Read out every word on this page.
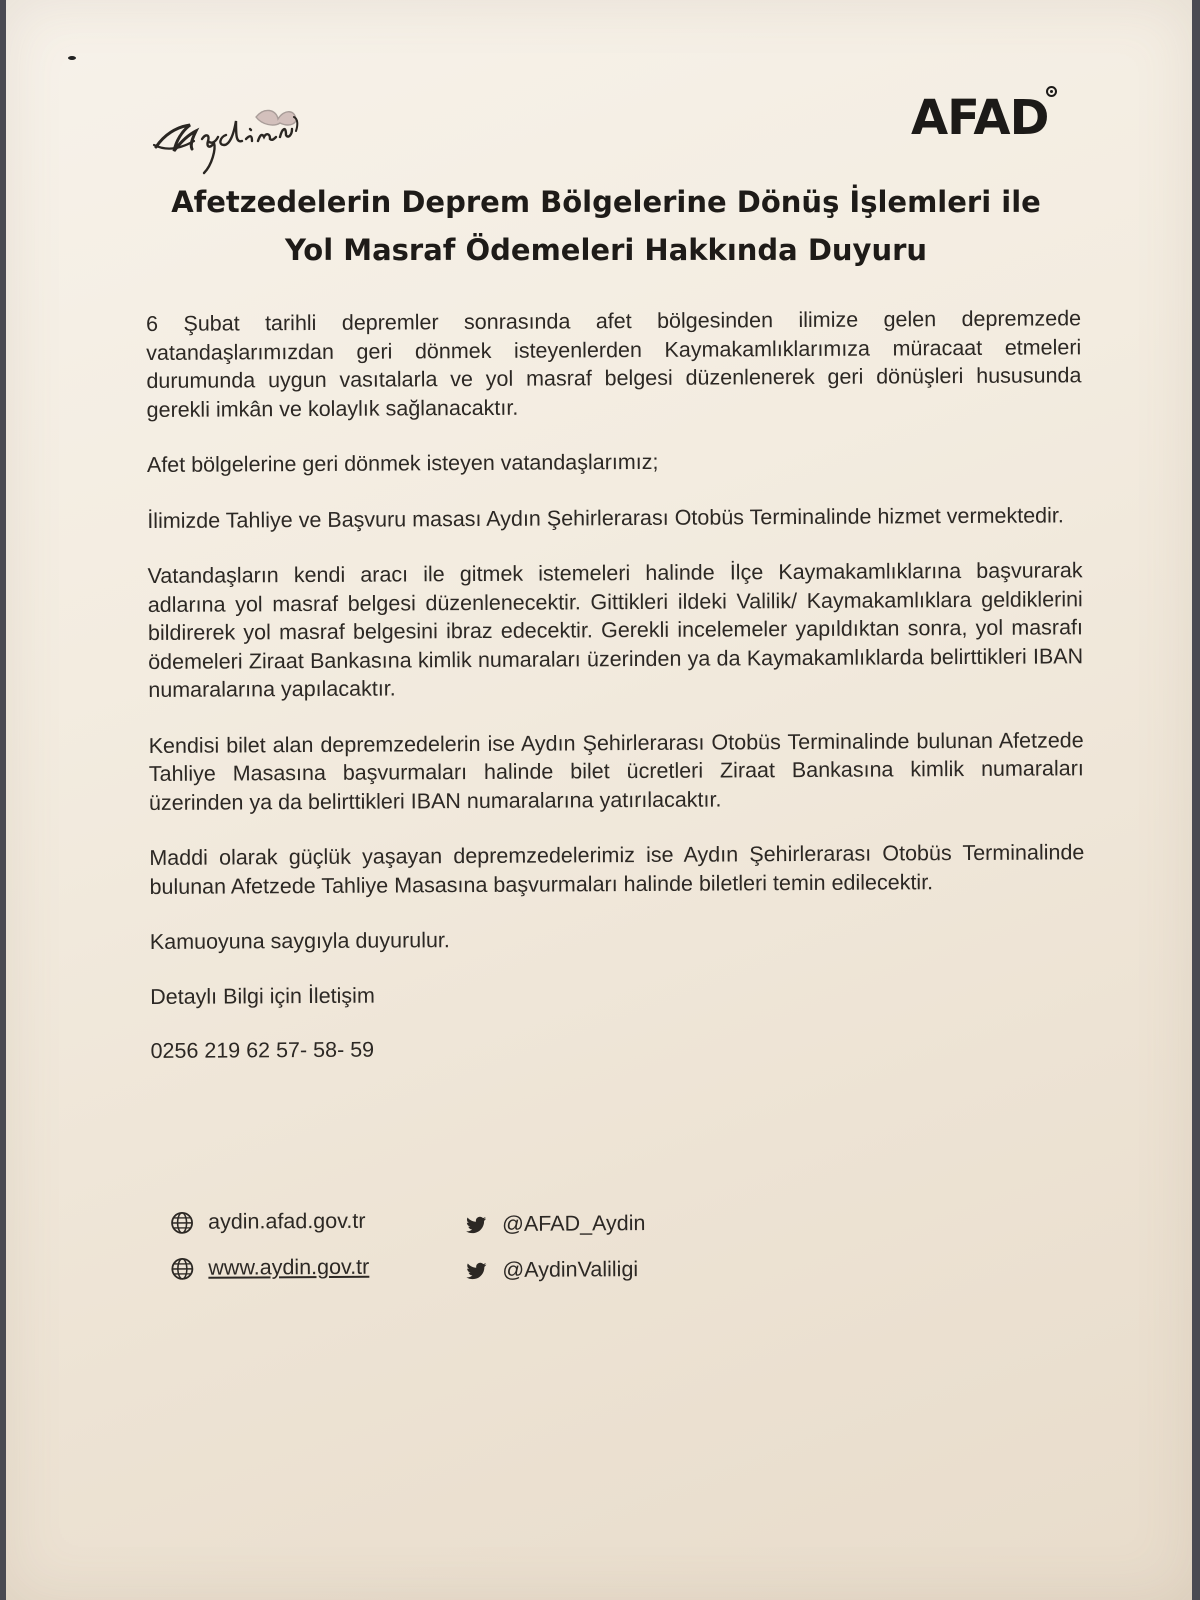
AFAD
Afetzedelerin Deprem Bölgelerine Dönüş İşlemleri ile
Yol Masraf Ödemeleri Hakkında Duyuru

6 Şubat tarihli depremler sonrasında afet bölgesinden ilimize gelen depremzede vatandaşlarımızdan geri dönmek isteyenlerden Kaymakamlıklarımıza müracaat etmeleri durumunda uygun vasıtalarla ve yol masraf belgesi düzenlenerek geri dönüşleri hususunda gerekli imkân ve kolaylık sağlanacaktır.

Afet bölgelerine geri dönmek isteyen vatandaşlarımız;

İlimizde Tahliye ve Başvuru masası Aydın Şehirlerarası Otobüs Terminalinde hizmet vermektedir.

Vatandaşların kendi aracı ile gitmek istemeleri halinde İlçe Kaymakamlıklarına başvurarak adlarına yol masraf belgesi düzenlenecektir. Gittikleri ildeki Valilik/ Kaymakamlıklara geldiklerini bildirerek yol masraf belgesini ibraz edecektir. Gerekli incelemeler yapıldıktan sonra, yol masrafı ödemeleri Ziraat Bankasına kimlik numaraları üzerinden ya da Kaymakamlıklarda belirttikleri IBAN numaralarına yapılacaktır.

Kendisi bilet alan depremzedelerin ise Aydın Şehirlerarası Otobüs Terminalinde bulunan Afetzede Tahliye Masasına başvurmaları halinde bilet ücretleri Ziraat Bankasına kimlik numaraları üzerinden ya da belirttikleri IBAN numaralarına yatırılacaktır.

Maddi olarak güçlük yaşayan depremzedelerimiz ise Aydın Şehirlerarası Otobüs Terminalinde bulunan Afetzede Tahliye Masasına başvurmaları halinde biletleri temin edilecektir.

Kamuoyuna saygıyla duyurulur.

Detaylı Bilgi için İletişim

0256 219 62 57- 58- 59

aydin.afad.gov.tr
www.aydin.gov.tr
@AFAD_Aydin
@AydinValiligi
